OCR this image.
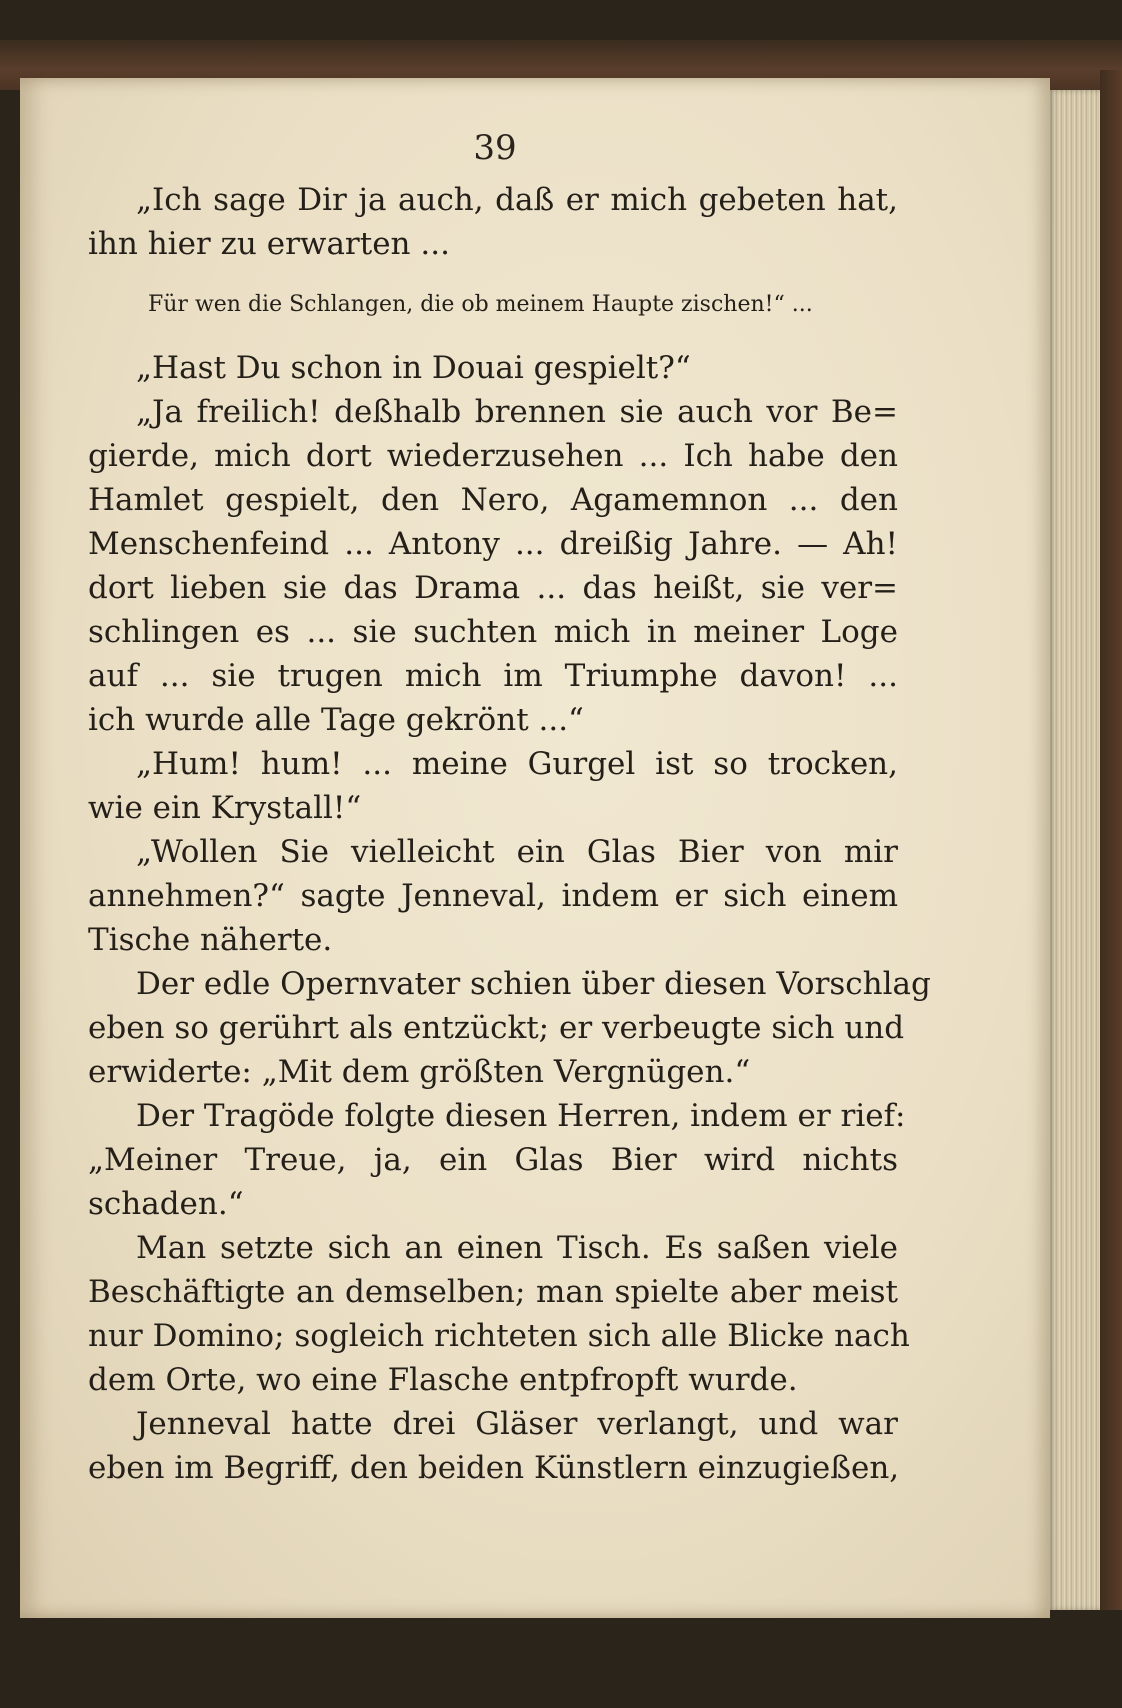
39
„Ich sage Dir ja auch, daß er mich gebeten hat,
ihn hier zu erwarten ...
Für wen die Schlangen, die ob meinem Haupte zischen!“ ...
„Hast Du schon in Douai gespielt?“
„Ja freilich! deßhalb brennen sie auch vor Be=
gierde, mich dort wiederzusehen ... Ich habe den
Hamlet gespielt, den Nero, Agamemnon ... den
Menschenfeind ... Antony ... dreißig Jahre. — Ah!
dort lieben sie das Drama ... das heißt, sie ver=
schlingen es ... sie suchten mich in meiner Loge
auf ... sie trugen mich im Triumphe davon! ...
ich wurde alle Tage gekrönt ...“
„Hum! hum! ... meine Gurgel ist so trocken,
wie ein Krystall!“
„Wollen Sie vielleicht ein Glas Bier von mir
annehmen?“ sagte Jenneval, indem er sich einem
Tische näherte.
Der edle Opernvater schien über diesen Vorschlag
eben so gerührt als entzückt; er verbeugte sich und
erwiderte: „Mit dem größten Vergnügen.“
Der Tragöde folgte diesen Herren, indem er rief:
„Meiner Treue, ja, ein Glas Bier wird nichts
schaden.“
Man setzte sich an einen Tisch. Es saßen viele
Beschäftigte an demselben; man spielte aber meist
nur Domino; sogleich richteten sich alle Blicke nach
dem Orte, wo eine Flasche entpfropft wurde.
Jenneval hatte drei Gläser verlangt, und war
eben im Begriff, den beiden Künstlern einzugießen,
